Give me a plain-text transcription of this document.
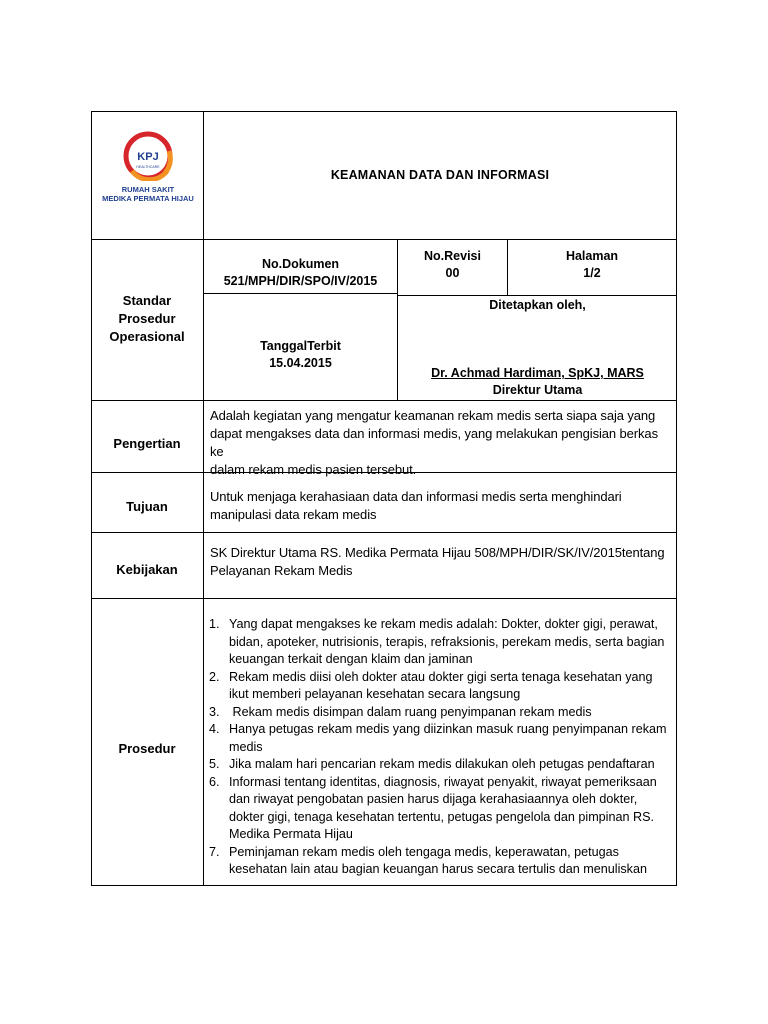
KPJ
HEALTHCARE
RUMAH SAKIT
MEDIKA PERMATA HIJAU
KEAMANAN DATA DAN INFORMASI
Standar
Prosedur
Operasional
No.Dokumen
521/MPH/DIR/SPO/IV/2015
No.Revisi
00
Halaman
1/2
TanggalTerbit
15.04.2015
Ditetapkan oleh,
Dr. Achmad Hardiman, SpKJ, MARS
Direktur Utama
Pengertian
Adalah kegiatan yang mengatur keamanan rekam medis serta siapa saja yang
dapat mengakses data dan informasi medis, yang melakukan pengisian berkas ke
dalam rekam medis pasien tersebut.
Tujuan
Untuk menjaga kerahasiaan data dan informasi medis serta menghindari
manipulasi data rekam medis
Kebijakan
SK Direktur Utama RS. Medika Permata Hijau 508/MPH/DIR/SK/IV/2015tentang
Pelayanan Rekam Medis
Prosedur
1. Yang dapat mengakses ke rekam medis adalah: Dokter, dokter gigi, perawat,
bidan, apoteker, nutrisionis, terapis, refraksionis, perekam medis, serta bagian
keuangan terkait dengan klaim dan jaminan
2. Rekam medis diisi oleh dokter atau dokter gigi serta tenaga kesehatan yang
ikut memberi pelayanan kesehatan secara langsung
3. Rekam medis disimpan dalam ruang penyimpanan rekam medis
4. Hanya petugas rekam medis yang diizinkan masuk ruang penyimpanan rekam
medis
5. Jika malam hari pencarian rekam medis dilakukan oleh petugas pendaftaran
6. Informasi tentang identitas, diagnosis, riwayat penyakit, riwayat pemeriksaan
dan riwayat pengobatan pasien harus dijaga kerahasiaannya oleh dokter,
dokter gigi, tenaga kesehatan tertentu, petugas pengelola dan pimpinan RS.
Medika Permata Hijau
7. Peminjaman rekam medis oleh tengaga medis, keperawatan, petugas
kesehatan lain atau bagian keuangan harus secara tertulis dan menuliskan
